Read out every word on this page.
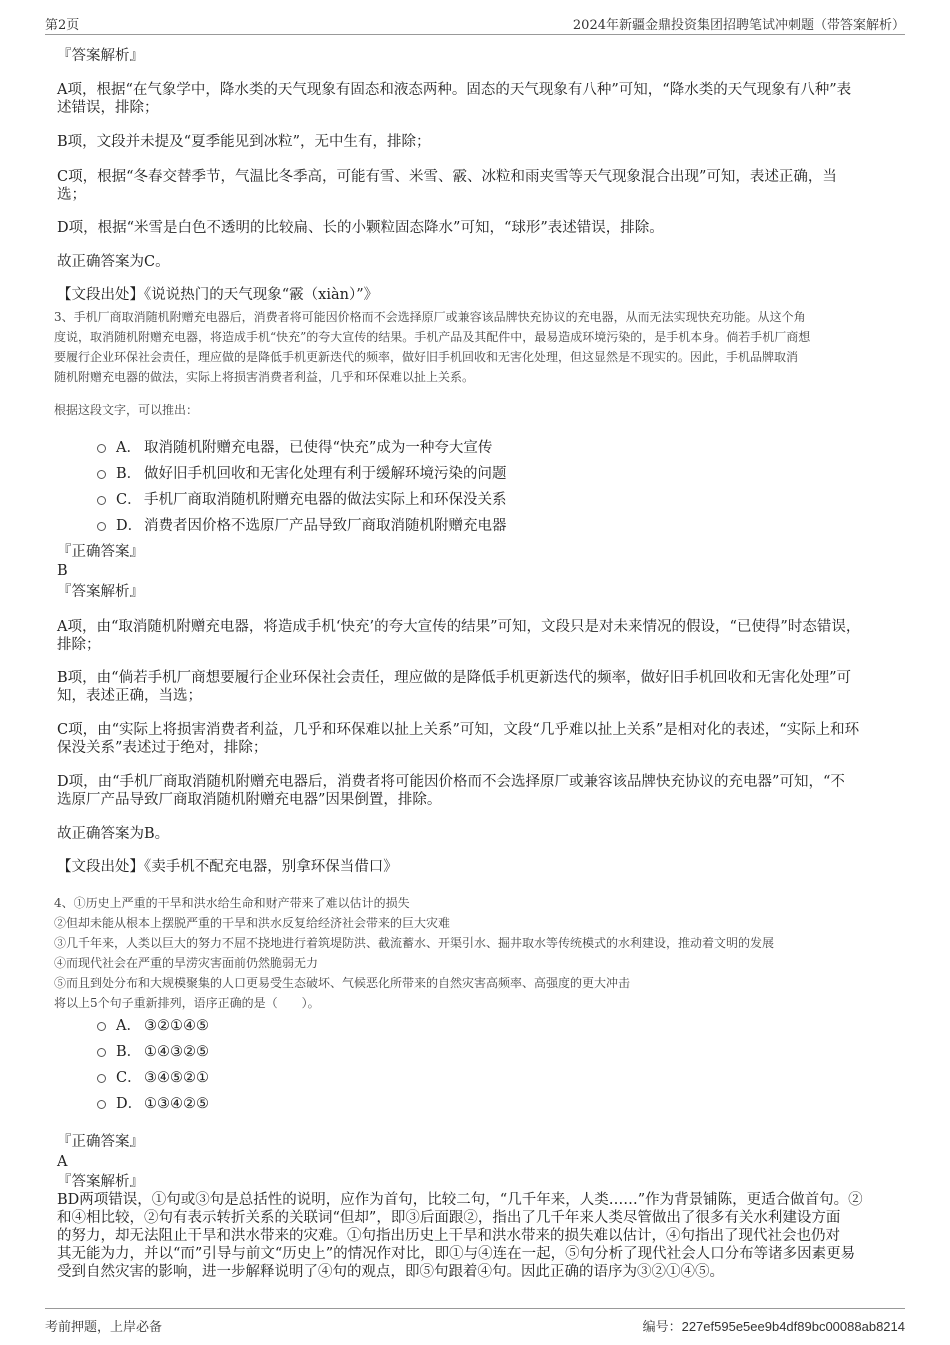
第2页	2024年新疆金鼎投资集团招聘笔试冲刺题（带答案解析）
『答案解析』
A项，根据“在气象学中，降水类的天气现象有固态和液态两种。固态的天气现象有八种”可知，“降水类的天气现象有八种”表
述错误，排除；
B项，文段并未提及“夏季能见到冰粒”，无中生有，排除；
C项，根据“冬春交替季节，气温比冬季高，可能有雪、米雪、霰、冰粒和雨夹雪等天气现象混合出现”可知，表述正确，当
选；
D项，根据“米雪是白色不透明的比较扁、长的小颗粒固态降水”可知，“球形”表述错误，排除。
故正确答案为C。
【文段出处】《说说热门的天气现象“霰（xiàn）”》
3、手机厂商取消随机附赠充电器后，消费者将可能因价格而不会选择原厂或兼容该品牌快充协议的充电器，从而无法实现快充功能。从这个角
度说，取消随机附赠充电器，将造成手机“快充”的夸大宣传的结果。手机产品及其配件中，最易造成环境污染的，是手机本身。倘若手机厂商想
要履行企业环保社会责任，理应做的是降低手机更新迭代的频率，做好旧手机回收和无害化处理，但这显然是不现实的。因此，手机品牌取消
随机附赠充电器的做法，实际上将损害消费者利益，几乎和环保难以扯上关系。
根据这段文字，可以推出：
A． 取消随机附赠充电器，已使得“快充”成为一种夸大宣传
B． 做好旧手机回收和无害化处理有利于缓解环境污染的问题
C． 手机厂商取消随机附赠充电器的做法实际上和环保没关系
D． 消费者因价格不选原厂产品导致厂商取消随机附赠充电器
『正确答案』
B
『答案解析』
A项，由“取消随机附赠充电器，将造成手机‘快充’的夸大宣传的结果”可知，文段只是对未来情况的假设，“已使得”时态错误，
排除；
B项，由“倘若手机厂商想要履行企业环保社会责任，理应做的是降低手机更新迭代的频率，做好旧手机回收和无害化处理”可
知，表述正确，当选；
C项，由“实际上将损害消费者利益，几乎和环保难以扯上关系”可知，文段“几乎难以扯上关系”是相对化的表述，“实际上和环
保没关系”表述过于绝对，排除；
D项，由“手机厂商取消随机附赠充电器后，消费者将可能因价格而不会选择原厂或兼容该品牌快充协议的充电器”可知，“不
选原厂产品导致厂商取消随机附赠充电器”因果倒置，排除。
故正确答案为B。
【文段出处】《卖手机不配充电器，别拿环保当借口》
4、①历史上严重的干旱和洪水给生命和财产带来了难以估计的损失
②但却未能从根本上摆脱严重的干旱和洪水反复给经济社会带来的巨大灾难
③几千年来，人类以巨大的努力不屈不挠地进行着筑堤防洪、截流蓄水、开渠引水、掘井取水等传统模式的水利建设，推动着文明的发展
④而现代社会在严重的旱涝灾害面前仍然脆弱无力
⑤而且到处分布和大规模聚集的人口更易受生态破坏、气候恶化所带来的自然灾害高频率、高强度的更大冲击
将以上5个句子重新排列，语序正确的是（　　）。
A． ③②①④⑤
B． ①④③②⑤
C． ③④⑤②①
D． ①③④②⑤
『正确答案』
A
『答案解析』
BD两项错误，①句或③句是总括性的说明，应作为首句，比较二句，“几千年来，人类……”作为背景铺陈，更适合做首句。②
和④相比较，②句有表示转折关系的关联词“但却”，即③后面跟②，指出了几千年来人类尽管做出了很多有关水利建设方面
的努力，却无法阻止干旱和洪水带来的灾难。①句指出历史上干旱和洪水带来的损失难以估计，④句指出了现代社会也仍对
其无能为力，并以“而”引导与前文“历史上”的情况作对比，即①与④连在一起，⑤句分析了现代社会人口分布等诸多因素更易
受到自然灾害的影响，进一步解释说明了④句的观点，即⑤句跟着④句。因此正确的语序为③②①④⑤。
考前押题，上岸必备	编号：227ef595e5ee9b4df89bc00088ab8214
